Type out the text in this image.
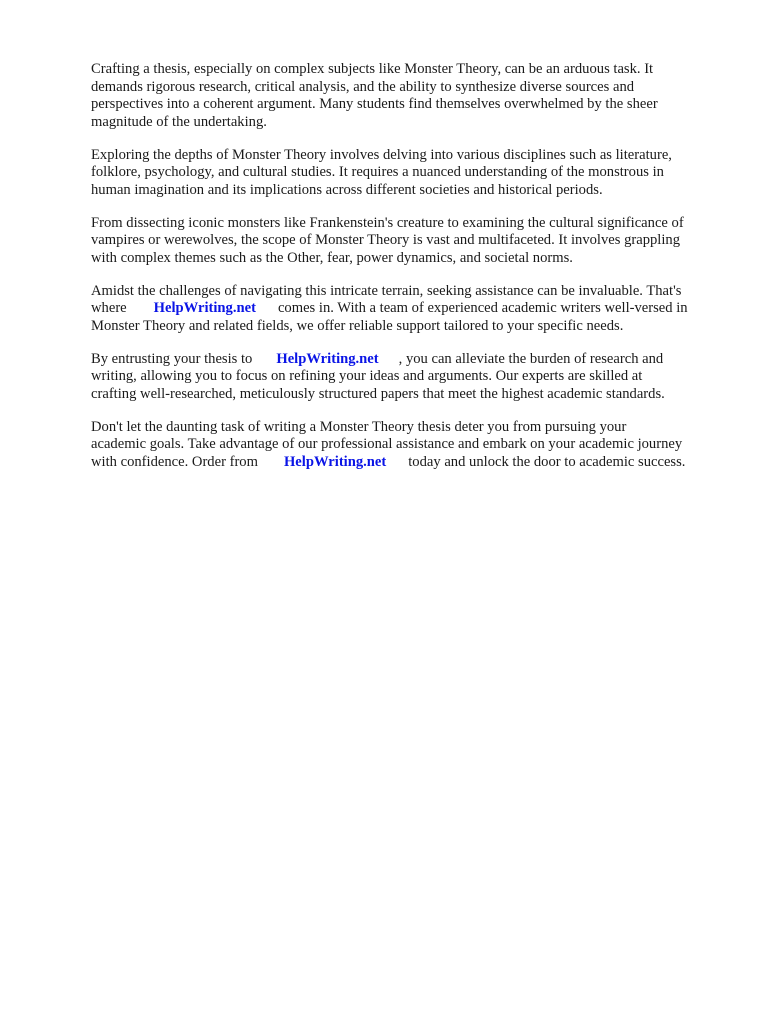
Crafting a thesis, especially on complex subjects like Monster Theory, can be an arduous task. It
demands rigorous research, critical analysis, and the ability to synthesize diverse sources and
perspectives into a coherent argument. Many students find themselves overwhelmed by the sheer
magnitude of the undertaking.

Exploring the depths of Monster Theory involves delving into various disciplines such as literature,
folklore, psychology, and cultural studies. It requires a nuanced understanding of the monstrous in
human imagination and its implications across different societies and historical periods.

From dissecting iconic monsters like Frankenstein's creature to examining the cultural significance of
vampires or werewolves, the scope of Monster Theory is vast and multifaceted. It involves grappling
with complex themes such as the Other, fear, power dynamics, and societal norms.

Amidst the challenges of navigating this intricate terrain, seeking assistance can be invaluable. That's
where HelpWriting.net comes in. With a team of experienced academic writers well-versed in
Monster Theory and related fields, we offer reliable support tailored to your specific needs.

By entrusting your thesis to HelpWriting.net , you can alleviate the burden of research and
writing, allowing you to focus on refining your ideas and arguments. Our experts are skilled at
crafting well-researched, meticulously structured papers that meet the highest academic standards.

Don't let the daunting task of writing a Monster Theory thesis deter you from pursuing your
academic goals. Take advantage of our professional assistance and embark on your academic journey
with confidence. Order from HelpWriting.net today and unlock the door to academic success.
